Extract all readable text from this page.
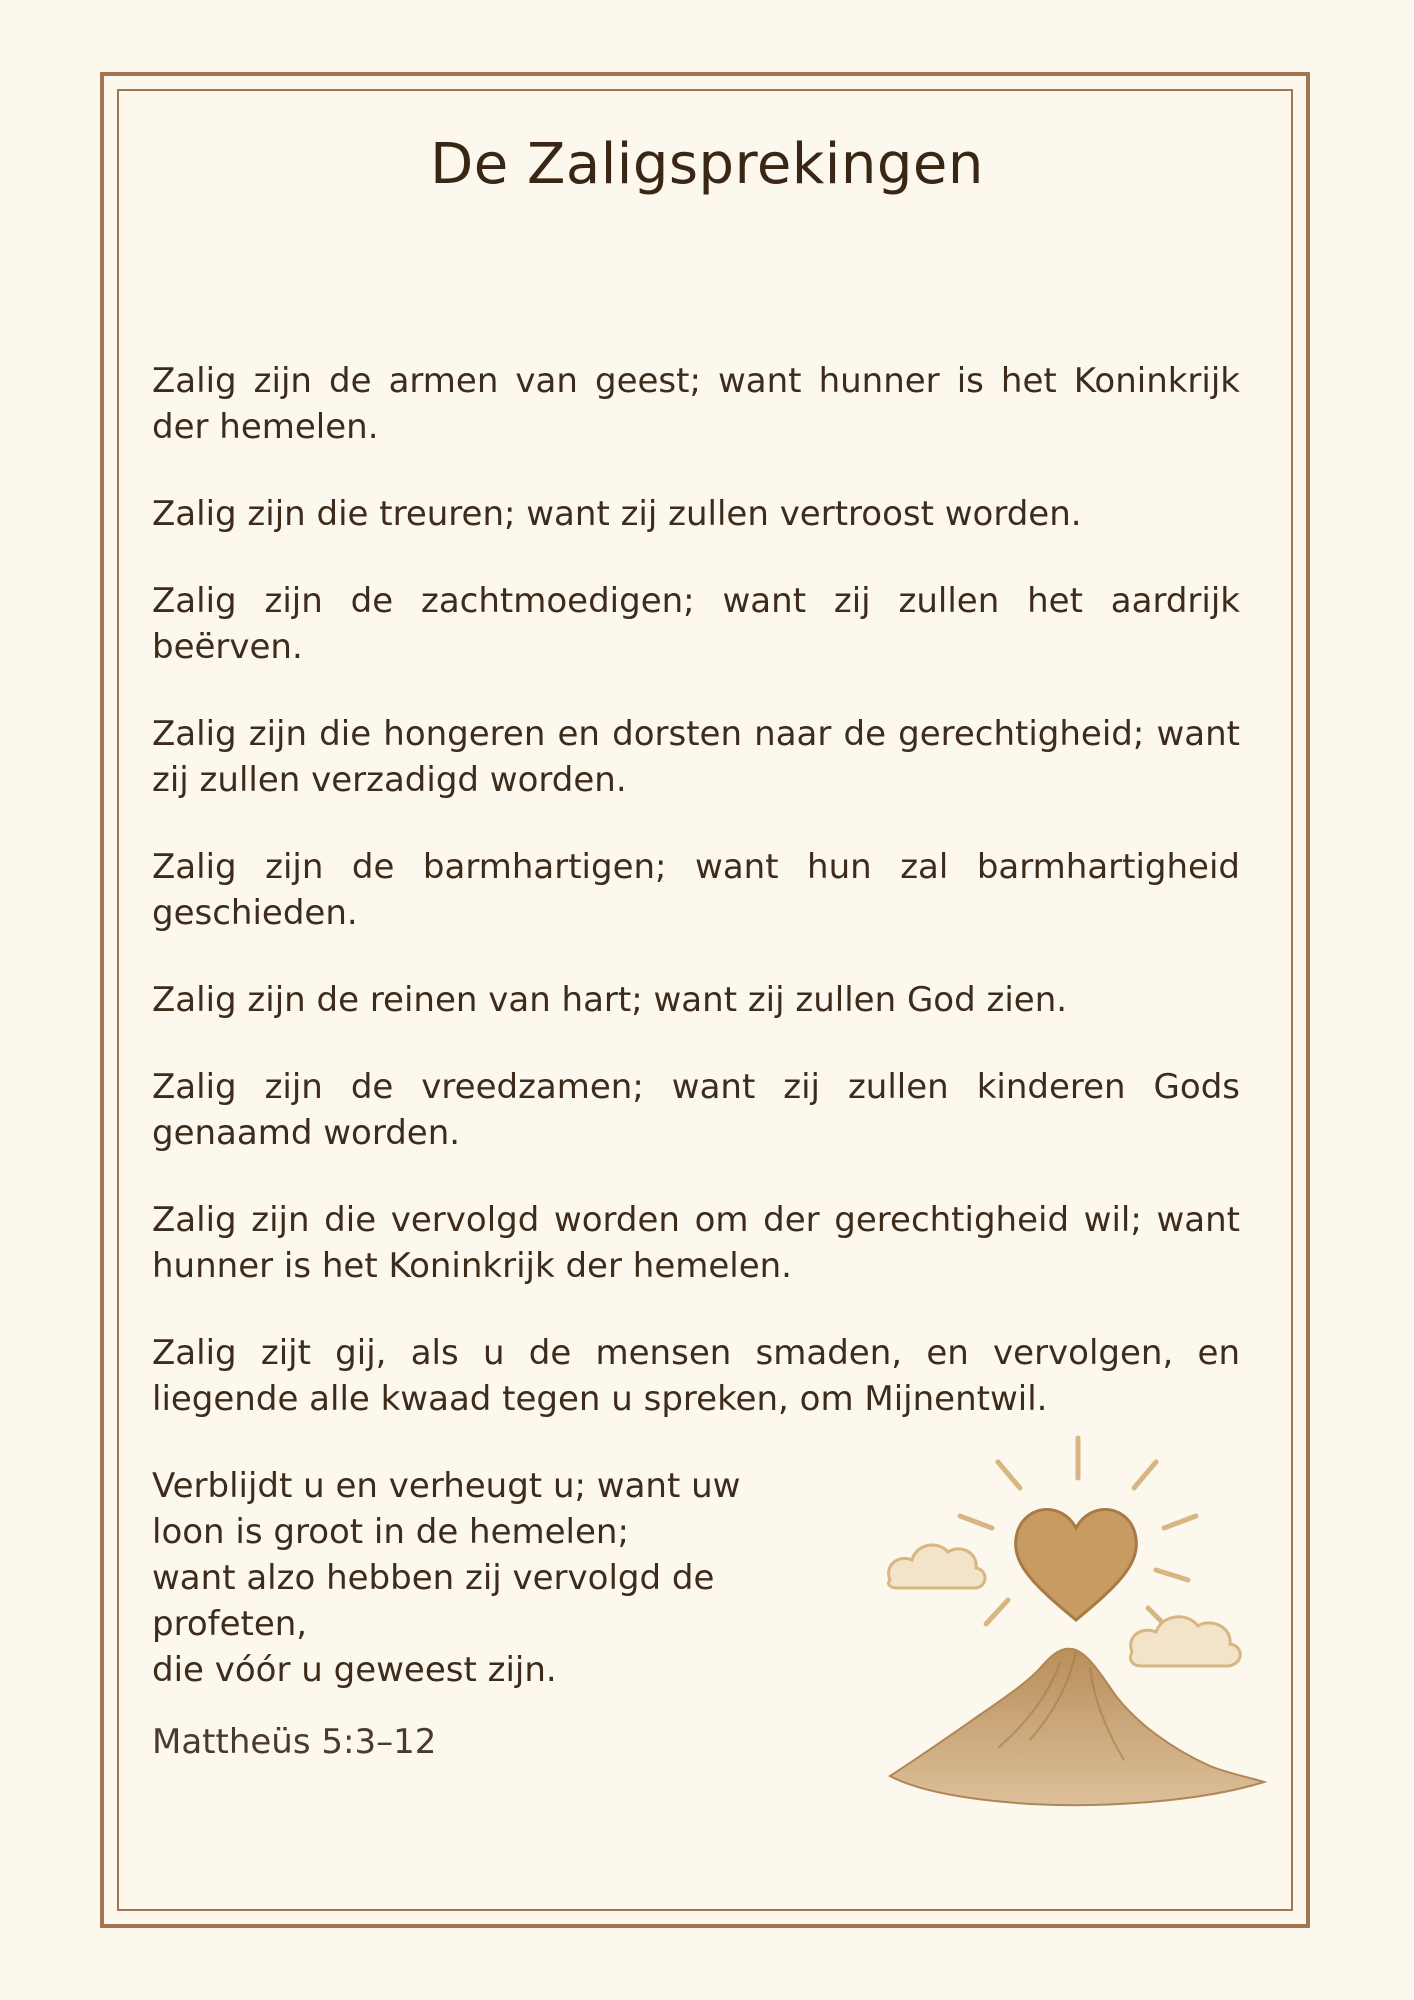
De Zaligsprekingen

Zalig zijn de armen van geest; want hunner is het Koninkrijk der hemelen.

Zalig zijn die treuren; want zij zullen vertroost worden.

Zalig zijn de zachtmoedigen; want zij zullen het aardrijk beërven.

Zalig zijn die hongeren en dorsten naar de gerechtigheid; want zij zullen verzadigd worden.

Zalig zijn de barmhartigen; want hun zal barmhartigheid geschieden.

Zalig zijn de reinen van hart; want zij zullen God zien.

Zalig zijn de vreedzamen; want zij zullen kinderen Gods genaamd worden.

Zalig zijn die vervolgd worden om der gerechtigheid wil; want hunner is het Koninkrijk der hemelen.

Zalig zijt gij, als u de mensen smaden, en vervolgen, en liegende alle kwaad tegen u spreken, om Mijnentwil.

Verblijdt u en verheugt u; want uw
loon is groot in de hemelen;
want alzo hebben zij vervolgd de profeten,
die vóór u geweest zijn.

Mattheüs 5:3–12
